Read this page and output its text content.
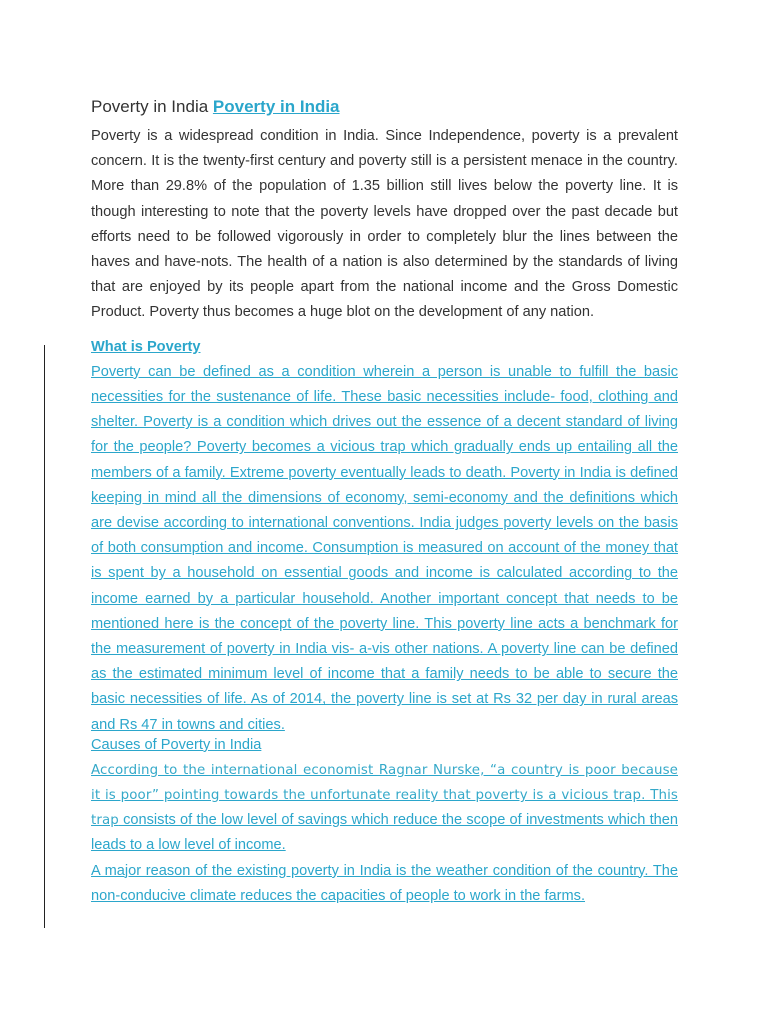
Poverty in India Poverty in India

Poverty is a widespread condition in India. Since Independence, poverty is a prevalent concern. It is the twenty-first century and poverty still is a persistent menace in the country. More than 29.8% of the population of 1.35 billion still lives below the poverty line. It is though interesting to note that the poverty levels have dropped over the past decade but efforts need to be followed vigorously in order to completely blur the lines between the haves and have-nots. The health of a nation is also determined by the standards of living that are enjoyed by its people apart from the national income and the Gross Domestic Product. Poverty thus becomes a huge blot on the development of any nation.

What is Poverty

Poverty can be defined as a condition wherein a person is unable to fulfill the basic necessities for the sustenance of life. These basic necessities include- food, clothing and shelter. Poverty is a condition which drives out the essence of a decent standard of living for the people? Poverty becomes a vicious trap which gradually ends up entailing all the members of a family. Extreme poverty eventually leads to death. Poverty in India is defined keeping in mind all the dimensions of economy, semi-economy and the definitions which are devise according to international conventions. India judges poverty levels on the basis of both consumption and income. Consumption is measured on account of the money that is spent by a household on essential goods and income is calculated according to the income earned by a particular household. Another important concept that needs to be mentioned here is the concept of the poverty line. This poverty line acts a benchmark for the measurement of poverty in India vis- a-vis other nations. A poverty line can be defined as the estimated minimum level of income that a family needs to be able to secure the basic necessities of life. As of 2014, the poverty line is set at Rs 32 per day in rural areas and Rs 47 in towns and cities.

Causes of Poverty in India

According to the international economist Ragnar Nurske, “a country is poor because it is poor” pointing towards the unfortunate reality that poverty is a vicious trap. This trap consists of the low level of savings which reduce the scope of investments which then leads to a low level of income.

A major reason of the existing poverty in India is the weather condition of the country. The non-conducive climate reduces the capacities of people to work in the farms.
